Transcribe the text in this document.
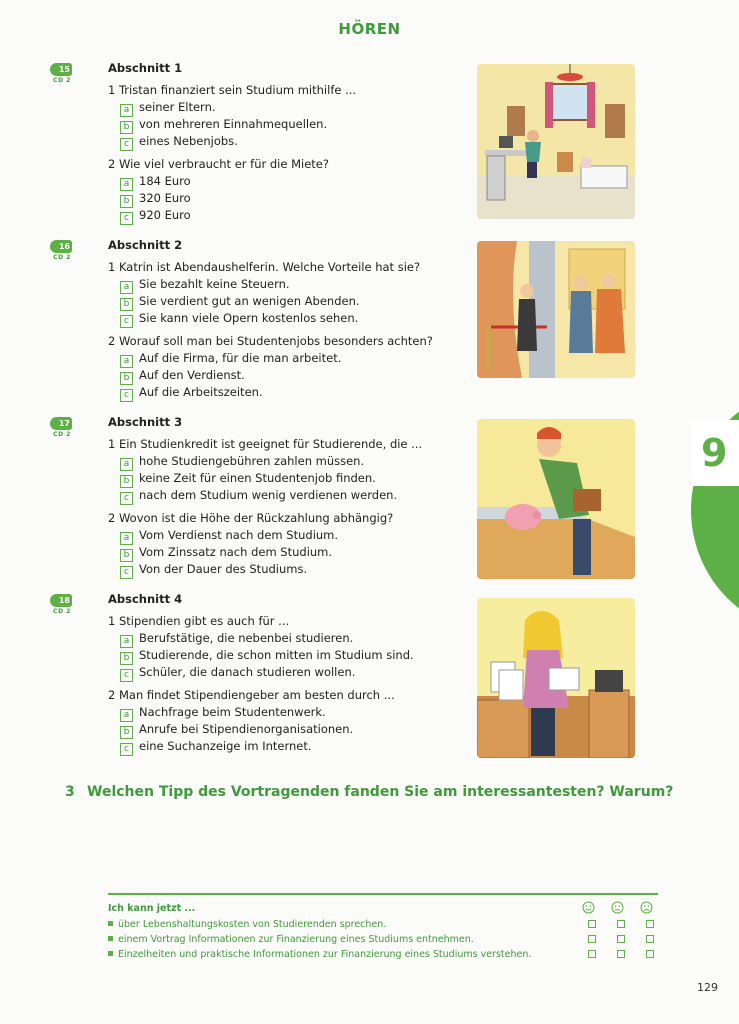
HÖREN
9
15
CD 2
Abschnitt 1
1 Tristan finanziert sein Studium mithilfe ...
a seiner Eltern.
b von mehreren Einnahmequellen.
c eines Nebenjobs.
2 Wie viel verbraucht er für die Miete?
a 184 Euro
b 320 Euro
c 920 Euro
16
CD 2
Abschnitt 2
1 Katrin ist Abendaushelferin. Welche Vorteile hat sie?
a Sie bezahlt keine Steuern.
b Sie verdient gut an wenigen Abenden.
c Sie kann viele Opern kostenlos sehen.
2 Worauf soll man bei Studentenjobs besonders achten?
a Auf die Firma, für die man arbeitet.
b Auf den Verdienst.
c Auf die Arbeitszeiten.
17
CD 2
Abschnitt 3
1 Ein Studienkredit ist geeignet für Studierende, die ...
a hohe Studiengebühren zahlen müssen.
b keine Zeit für einen Studentenjob finden.
c nach dem Studium wenig verdienen werden.
2 Wovon ist die Höhe der Rückzahlung abhängig?
a Vom Verdienst nach dem Studium.
b Vom Zinssatz nach dem Studium.
c Von der Dauer des Studiums.
18
CD 2
Abschnitt 4
1 Stipendien gibt es auch für ...
a Berufstätige, die nebenbei studieren.
b Studierende, die schon mitten im Studium sind.
c Schüler, die danach studieren wollen.
2 Man findet Stipendiengeber am besten durch ...
a Nachfrage beim Studentenwerk.
b Anrufe bei Stipendienorganisationen.
c eine Suchanzeige im Internet.
3 Welchen Tipp des Vortragenden fanden Sie am interessantesten? Warum?
Ich kann jetzt ...
über Lebenshaltungskosten von Studierenden sprechen.
einem Vortrag Informationen zur Finanzierung eines Studiums entnehmen.
Einzelheiten und praktische Informationen zur Finanzierung eines Studiums verstehen.
129
